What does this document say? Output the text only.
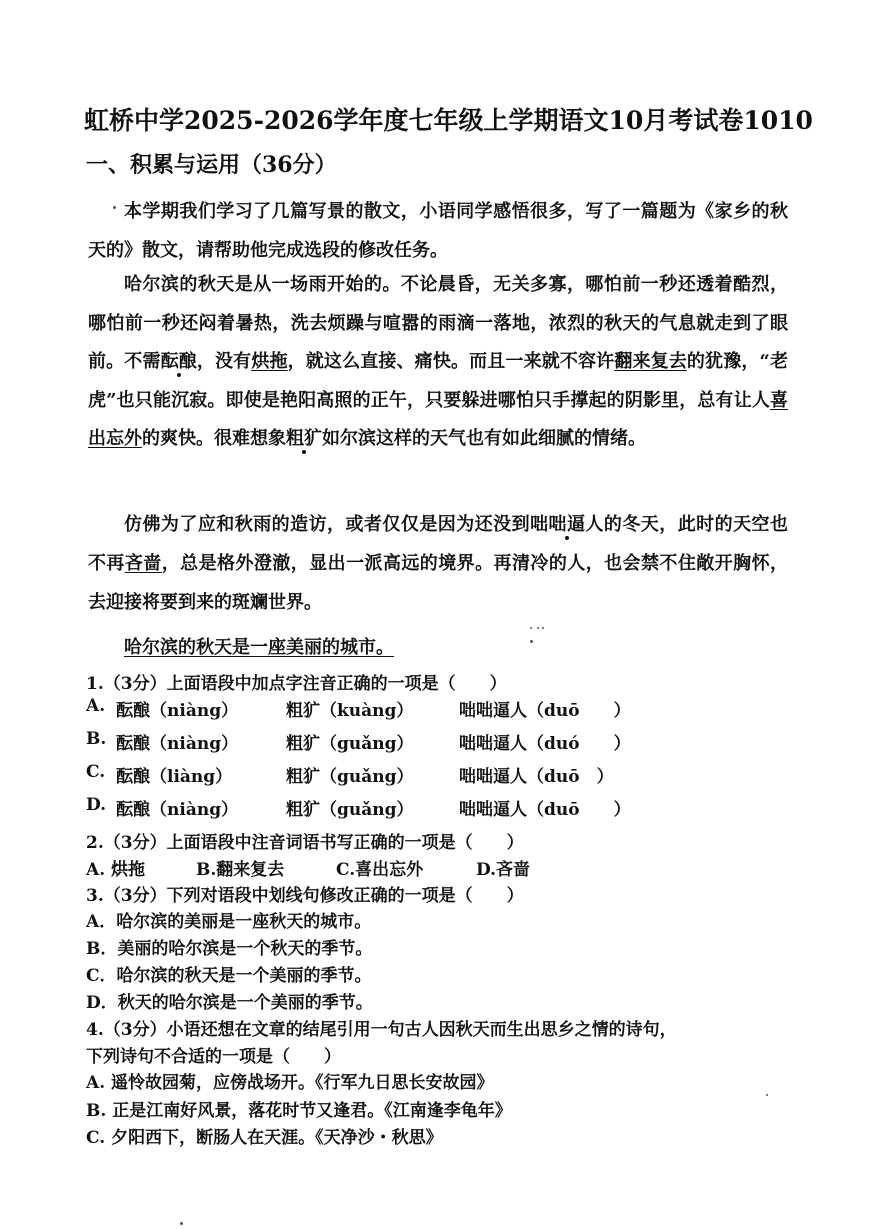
虹桥中学2025-2026学年度七年级上学期语文10月考试卷1010
一、积累与运用（36分）
本学期我们学习了几篇写景的散文，小语同学感悟很多，写了一篇题为《家乡的秋天的》散文，请帮助他完成选段的修改任务。
哈尔滨的秋天是从一场雨开始的。不论晨昏，无关多寡，哪怕前一秒还透着酷烈，哪怕前一秒还闷着暑热，洗去烦躁与喧嚣的雨滴一落地，浓烈的秋天的气息就走到了眼前。不需酝酿，没有烘拖，就这么直接、痛快。而且一来就不容许翻来复去的犹豫，“老虎”也只能沉寂。即使是艳阳高照的正午，只要躲进哪怕只手撑起的阴影里，总有让人喜出忘外的爽快。很难想象粗犷如尔滨这样的天气也有如此细腻的情绪。
仿佛为了应和秋雨的造访，或者仅仅是因为还没到咄咄逼人的冬天，此时的天空也不再吝啬，总是格外澄澈，显出一派高远的境界。再清冷的人，也会禁不住敞开胸怀，去迎接将要到来的斑斓世界。
哈尔滨的秋天是一座美丽的城市。
1.（3分）上面语段中加点字注音正确的一项是（　　）
A. 酝酿（niàng）	粗犷（kuàng）	咄咄逼人（duō　　）
B. 酝酿（niàng）	粗犷（guǎng）	咄咄逼人（duó　　）
C. 酝酿（liàng）	粗犷（guǎng）	咄咄逼人（duō　）
D. 酝酿（niàng）	粗犷（guǎng）	咄咄逼人（duō　　）
2.（3分）上面语段中注音词语书写正确的一项是（　　）
A. 烘拖	B.翻来复去	C.喜出忘外	D.吝啬
3.（3分）下列对语段中划线句修改正确的一项是（　　）
A．哈尔滨的美丽是一座秋天的城市。
B．美丽的哈尔滨是一个秋天的季节。
C．哈尔滨的秋天是一个美丽的季节。
D．秋天的哈尔滨是一个美丽的季节。
4.（3分）小语还想在文章的结尾引用一句古人因秋天而生出思乡之情的诗句，
下列诗句不合适的一项是（　　）
A. 遥怜故园菊，应傍战场开。《行军九日思长安故园》
B. 正是江南好风景，落花时节又逢君。《江南逢李龟年》
C. 夕阳西下，断肠人在天涯。《天净沙・秋思》
